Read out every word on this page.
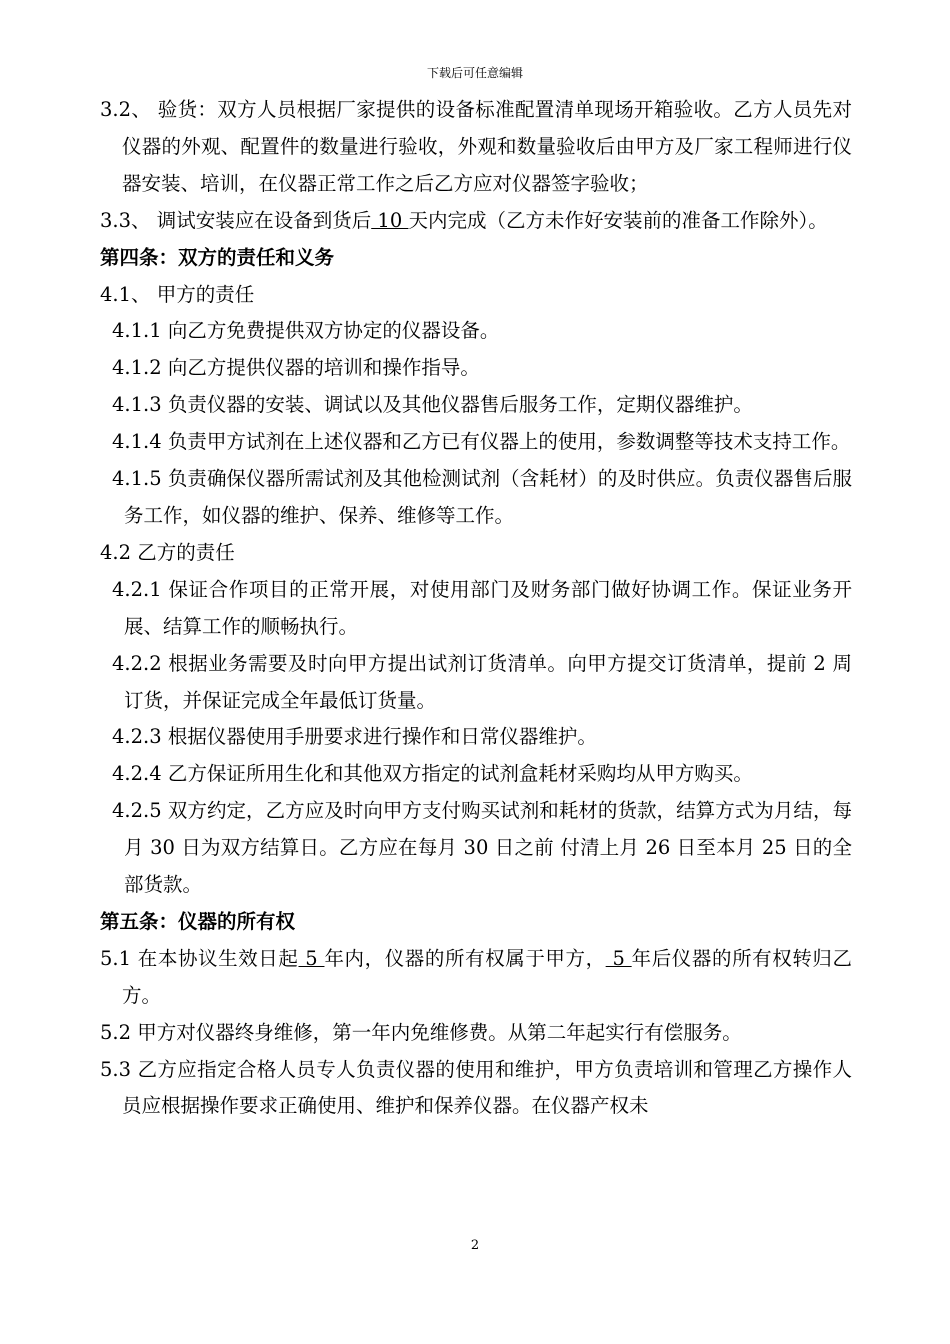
下载后可任意编辑

3.2、 验货：双方人员根据厂家提供的设备标准配置清单现场开箱验收。乙方人员先对仪器的外观、配置件的数量进行验收，外观和数量验收后由甲方及厂家工程师进行仪器安装、培训，在仪器正常工作之后乙方应对仪器签字验收；

3.3、 调试安装应在设备到货后 10 天内完成（乙方未作好安装前的准备工作除外）。

第四条：双方的责任和义务

4.1、 甲方的责任

4.1.1 向乙方免费提供双方协定的仪器设备。

4.1.2 向乙方提供仪器的培训和操作指导。

4.1.3 负责仪器的安装、调试以及其他仪器售后服务工作，定期仪器维护。

4.1.4 负责甲方试剂在上述仪器和乙方已有仪器上的使用，参数调整等技术支持工作。

4.1.5 负责确保仪器所需试剂及其他检测试剂（含耗材）的及时供应。负责仪器售后服务工作，如仪器的维护、保养、维修等工作。

4.2 乙方的责任

4.2.1 保证合作项目的正常开展，对使用部门及财务部门做好协调工作。保证业务开展、结算工作的顺畅执行。

4.2.2 根据业务需要及时向甲方提出试剂订货清单。向甲方提交订货清单，提前 2 周订货，并保证完成全年最低订货量。

4.2.3 根据仪器使用手册要求进行操作和日常仪器维护。

4.2.4 乙方保证所用生化和其他双方指定的试剂盒耗材采购均从甲方购买。

4.2.5 双方约定，乙方应及时向甲方支付购买试剂和耗材的货款，结算方式为月结，每月 30 日为双方结算日。乙方应在每月 30 日之前 付清上月 26 日至本月 25 日的全部货款。

第五条：仪器的所有权

5.1 在本协议生效日起 5 年内，仪器的所有权属于甲方， 5 年后仪器的所有权转归乙方。

5.2 甲方对仪器终身维修，第一年内免维修费。从第二年起实行有偿服务。

5.3 乙方应指定合格人员专人负责仪器的使用和维护，甲方负责培训和管理乙方操作人员应根据操作要求正确使用、维护和保养仪器。在仪器产权未

2
